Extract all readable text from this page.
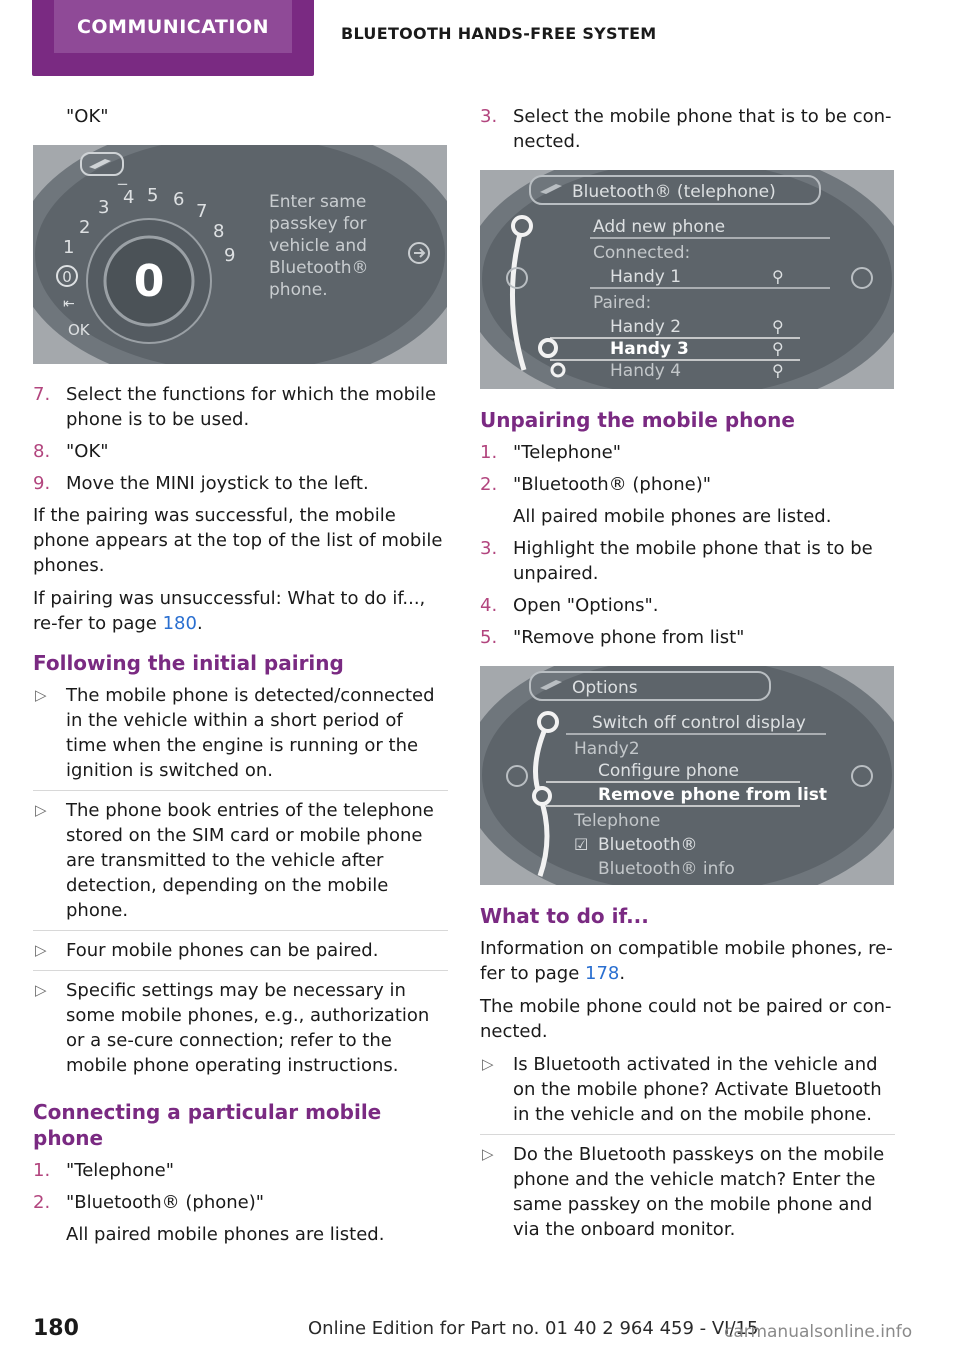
COMMUNICATION	BLUETOOTH HANDS-FREE SYSTEM
"OK"
_
0
1
2
3 4 5 6
7
8
9
0
⇤
OK
Enter same
passkey for
vehicle and
Bluetooth®
phone.
7. Select the functions for which the mobile phone is to be used.
8. "OK"
9. Move the MINI joystick to the left.
If the pairing was successful, the mobile phone appears at the top of the list of mobile phones.
If pairing was unsuccessful: What to do if..., re‐fer to page 180.
Following the initial pairing
▷ The mobile phone is detected/connected in the vehicle within a short period of time when the engine is running or the ignition is switched on.
▷ The phone book entries of the telephone stored on the SIM card or mobile phone are transmitted to the vehicle after detection, depending on the mobile phone.
▷ Four mobile phones can be paired.
▷ Specific settings may be necessary in some mobile phones, e.g., authorization or a se‐cure connection; refer to the mobile phone operating instructions.
Connecting a particular mobile phone
1. "Telephone"
2. "Bluetooth® (phone)"
All paired mobile phones are listed.
3. Select the mobile phone that is to be con‐nected.
Bluetooth® (telephone)
Add new phone
Connected:
Handy 1
Paired:
Handy 2
Handy 3
Handy 4
⚲
⚲
⚲
⚲
Unpairing the mobile phone
1. "Telephone"
2. "Bluetooth® (phone)"
All paired mobile phones are listed.
3. Highlight the mobile phone that is to be unpaired.
4. Open "Options".
5. "Remove phone from list"
Options
Switch off control display
Handy2
Configure phone
Remove phone from list
Telephone
Bluetooth®
Bluetooth® info
☑
What to do if...
Information on compatible mobile phones, re‐fer to page 178.
The mobile phone could not be paired or con‐nected.
▷ Is Bluetooth activated in the vehicle and on the mobile phone? Activate Bluetooth in the vehicle and on the mobile phone.
▷ Do the Bluetooth passkeys on the mobile phone and the vehicle match? Enter the same passkey on the mobile phone and via the onboard monitor.
180	Online Edition for Part no. 01 40 2 964 459 - VI/15
carmanualsonline.info
